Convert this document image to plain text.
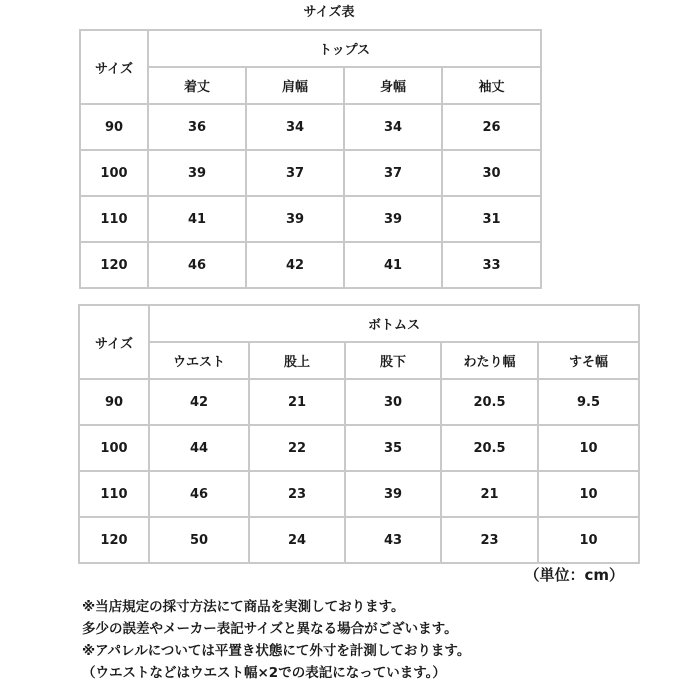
サイズ表
サイズ	トップス			
	着丈	肩幅	身幅	袖丈
90	36	34	34	26
100	39	37	37	30
110	41	39	39	31
120	46	42	41	33
サイズ	ボトムス				
	ウエスト	股上	股下	わたり幅	すそ幅
90	42	21	30	20.5	9.5
100	44	22	35	20.5	10
110	46	23	39	21	10
120	50	24	43	23	10
（単位：cm）
※当店規定の採寸方法にて商品を実測しております。
多少の誤差やメーカー表記サイズと異なる場合がございます。
※アパレルについては平置き状態にて外寸を計測しております。
（ウエストなどはウエスト幅×2での表記になっています。）
